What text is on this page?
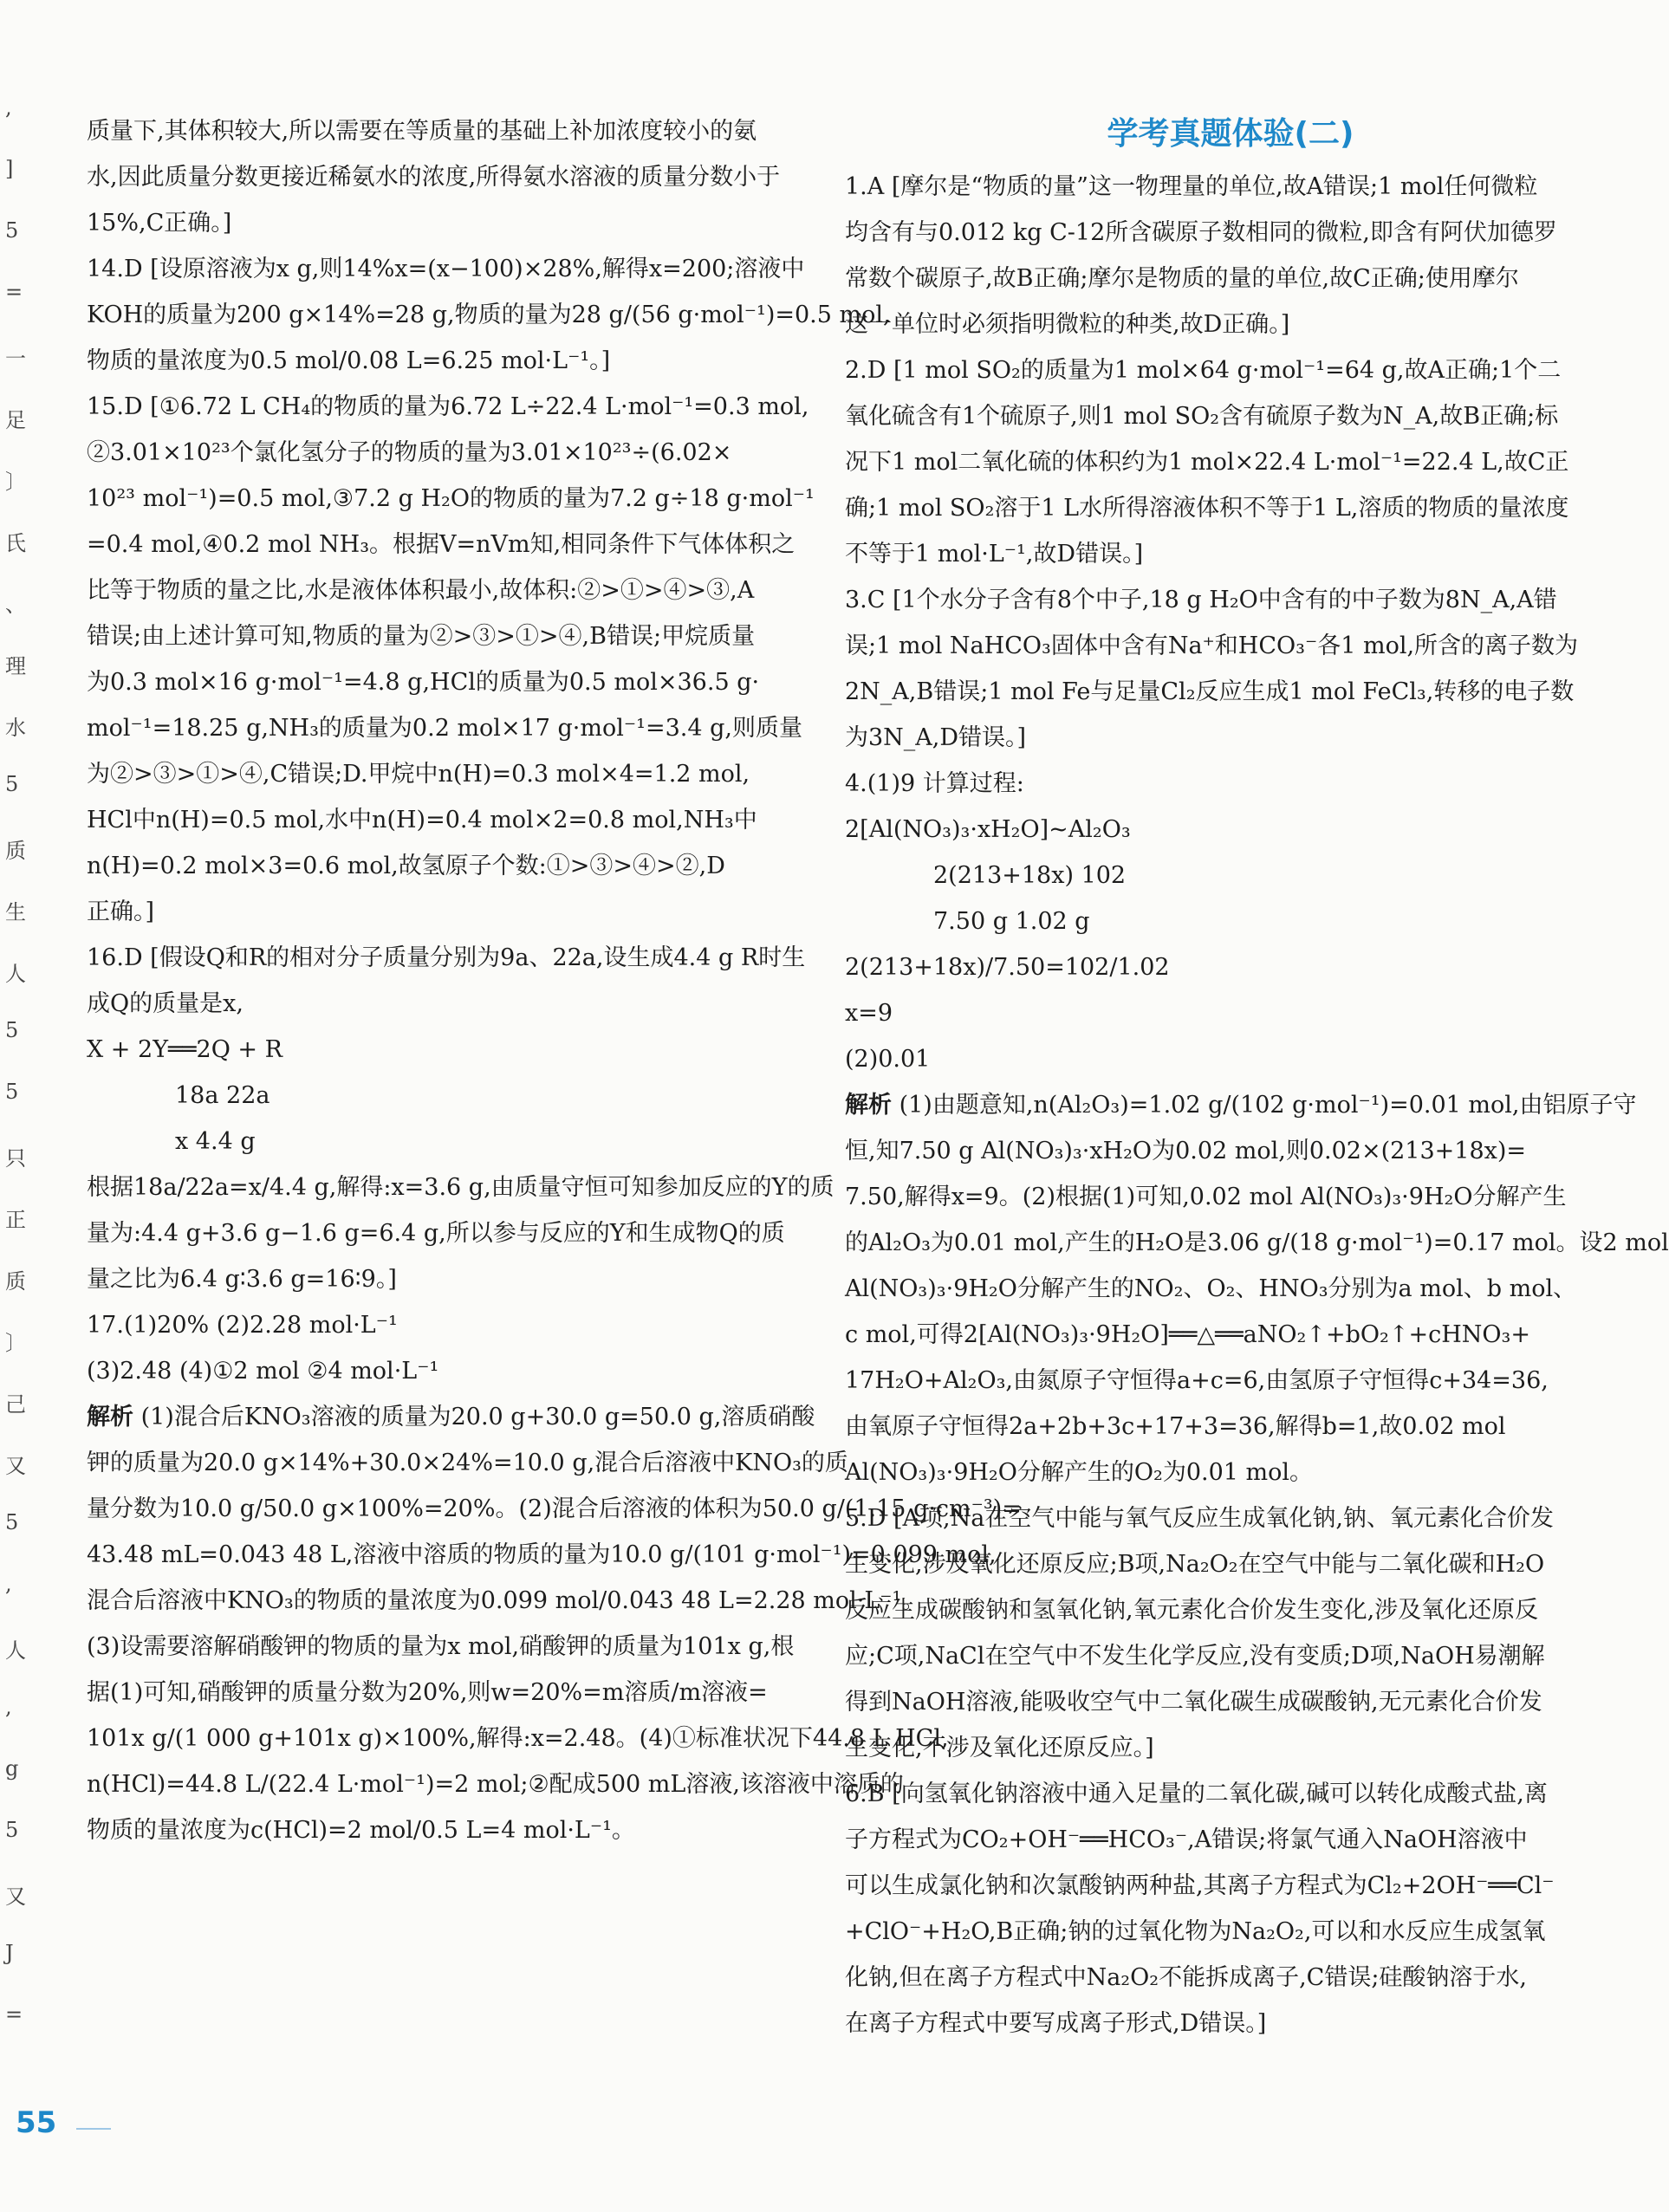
,
]
5
=
一
足
〕
氏
、
理
水
5
质
生
人
5
5
只
正
质
〕
己
又
5
,
人
,
g
5
又
J
=
质量下,其体积较大,所以需要在等质量的基础上补加浓度较小的氨
水,因此质量分数更接近稀氨水的浓度,所得氨水溶液的质量分数小于
15%,C正确。]
14.D [设原溶液为x g,则14%x=(x−100)×28%,解得x=200;溶液中
KOH的质量为200 g×14%=28 g,物质的量为28 g/(56 g·mol⁻¹)=0.5 mol,
物质的量浓度为0.5 mol/0.08 L=6.25 mol·L⁻¹。]
15.D [①6.72 L CH₄的物质的量为6.72 L÷22.4 L·mol⁻¹=0.3 mol,
②3.01×10²³个氯化氢分子的物质的量为3.01×10²³÷(6.02×
10²³ mol⁻¹)=0.5 mol,③7.2 g H₂O的物质的量为7.2 g÷18 g·mol⁻¹
=0.4 mol,④0.2 mol NH₃。根据V=nVm知,相同条件下气体体积之
比等于物质的量之比,水是液体体积最小,故体积:②>①>④>③,A
错误;由上述计算可知,物质的量为②>③>①>④,B错误;甲烷质量
为0.3 mol×16 g·mol⁻¹=4.8 g,HCl的质量为0.5 mol×36.5 g·
mol⁻¹=18.25 g,NH₃的质量为0.2 mol×17 g·mol⁻¹=3.4 g,则质量
为②>③>①>④,C错误;D.甲烷中n(H)=0.3 mol×4=1.2 mol,
HCl中n(H)=0.5 mol,水中n(H)=0.4 mol×2=0.8 mol,NH₃中
n(H)=0.2 mol×3=0.6 mol,故氢原子个数:①>③>④>②,D
正确。]
16.D [假设Q和R的相对分子质量分别为9a、22a,设生成4.4 g R时生
成Q的质量是x,
X + 2Y══2Q + R
18a 22a
x 4.4 g
根据18a/22a=x/4.4 g,解得:x=3.6 g,由质量守恒可知参加反应的Y的质
量为:4.4 g+3.6 g−1.6 g=6.4 g,所以参与反应的Y和生成物Q的质
量之比为6.4 g∶3.6 g=16∶9。]
17.(1)20% (2)2.28 mol·L⁻¹
(3)2.48 (4)①2 mol ②4 mol·L⁻¹
解析 (1)混合后KNO₃溶液的质量为20.0 g+30.0 g=50.0 g,溶质硝酸
钾的质量为20.0 g×14%+30.0×24%=10.0 g,混合后溶液中KNO₃的质
量分数为10.0 g/50.0 g×100%=20%。(2)混合后溶液的体积为50.0 g/(1.15 g·cm⁻³)=
43.48 mL=0.043 48 L,溶液中溶质的物质的量为10.0 g/(101 g·mol⁻¹)=0.099 mol,
混合后溶液中KNO₃的物质的量浓度为0.099 mol/0.043 48 L=2.28 mol·L⁻¹。
(3)设需要溶解硝酸钾的物质的量为x mol,硝酸钾的质量为101x g,根
据(1)可知,硝酸钾的质量分数为20%,则w=20%=m溶质/m溶液=
101x g/(1 000 g+101x g)×100%,解得:x=2.48。(4)①标准状况下44.8 L HCl,
n(HCl)=44.8 L/(22.4 L·mol⁻¹)=2 mol;②配成500 mL溶液,该溶液中溶质的
物质的量浓度为c(HCl)=2 mol/0.5 L=4 mol·L⁻¹。
学考真题体验(二)
1.A [摩尔是“物质的量”这一物理量的单位,故A错误;1 mol任何微粒
均含有与0.012 kg C-12所含碳原子数相同的微粒,即含有阿伏加德罗
常数个碳原子,故B正确;摩尔是物质的量的单位,故C正确;使用摩尔
这一单位时必须指明微粒的种类,故D正确。]
2.D [1 mol SO₂的质量为1 mol×64 g·mol⁻¹=64 g,故A正确;1个二
氧化硫含有1个硫原子,则1 mol SO₂含有硫原子数为N_A,故B正确;标
况下1 mol二氧化硫的体积约为1 mol×22.4 L·mol⁻¹=22.4 L,故C正
确;1 mol SO₂溶于1 L水所得溶液体积不等于1 L,溶质的物质的量浓度
不等于1 mol·L⁻¹,故D错误。]
3.C [1个水分子含有8个中子,18 g H₂O中含有的中子数为8N_A,A错
误;1 mol NaHCO₃固体中含有Na⁺和HCO₃⁻各1 mol,所含的离子数为
2N_A,B错误;1 mol Fe与足量Cl₂反应生成1 mol FeCl₃,转移的电子数
为3N_A,D错误。]
4.(1)9 计算过程:
2[Al(NO₃)₃·xH₂O]~Al₂O₃
2(213+18x) 102
7.50 g 1.02 g
2(213+18x)/7.50=102/1.02
x=9
(2)0.01
解析 (1)由题意知,n(Al₂O₃)=1.02 g/(102 g·mol⁻¹)=0.01 mol,由铝原子守
恒,知7.50 g Al(NO₃)₃·xH₂O为0.02 mol,则0.02×(213+18x)=
7.50,解得x=9。(2)根据(1)可知,0.02 mol Al(NO₃)₃·9H₂O分解产生
的Al₂O₃为0.01 mol,产生的H₂O是3.06 g/(18 g·mol⁻¹)=0.17 mol。设2 mol
Al(NO₃)₃·9H₂O分解产生的NO₂、O₂、HNO₃分别为a mol、b mol、
c mol,可得2[Al(NO₃)₃·9H₂O]══△══aNO₂↑+bO₂↑+cHNO₃+
17H₂O+Al₂O₃,由氮原子守恒得a+c=6,由氢原子守恒得c+34=36,
由氧原子守恒得2a+2b+3c+17+3=36,解得b=1,故0.02 mol
Al(NO₃)₃·9H₂O分解产生的O₂为0.01 mol。
5.D [A项,Na在空气中能与氧气反应生成氧化钠,钠、氧元素化合价发
生变化,涉及氧化还原反应;B项,Na₂O₂在空气中能与二氧化碳和H₂O
反应生成碳酸钠和氢氧化钠,氧元素化合价发生变化,涉及氧化还原反
应;C项,NaCl在空气中不发生化学反应,没有变质;D项,NaOH易潮解
得到NaOH溶液,能吸收空气中二氧化碳生成碳酸钠,无元素化合价发
生变化,不涉及氧化还原反应。]
6.B [向氢氧化钠溶液中通入足量的二氧化碳,碱可以转化成酸式盐,离
子方程式为CO₂+OH⁻══HCO₃⁻,A错误;将氯气通入NaOH溶液中
可以生成氯化钠和次氯酸钠两种盐,其离子方程式为Cl₂+2OH⁻══Cl⁻
+ClO⁻+H₂O,B正确;钠的过氧化物为Na₂O₂,可以和水反应生成氢氧
化钠,但在离子方程式中Na₂O₂不能拆成离子,C错误;硅酸钠溶于水,
在离子方程式中要写成离子形式,D错误。]
55
